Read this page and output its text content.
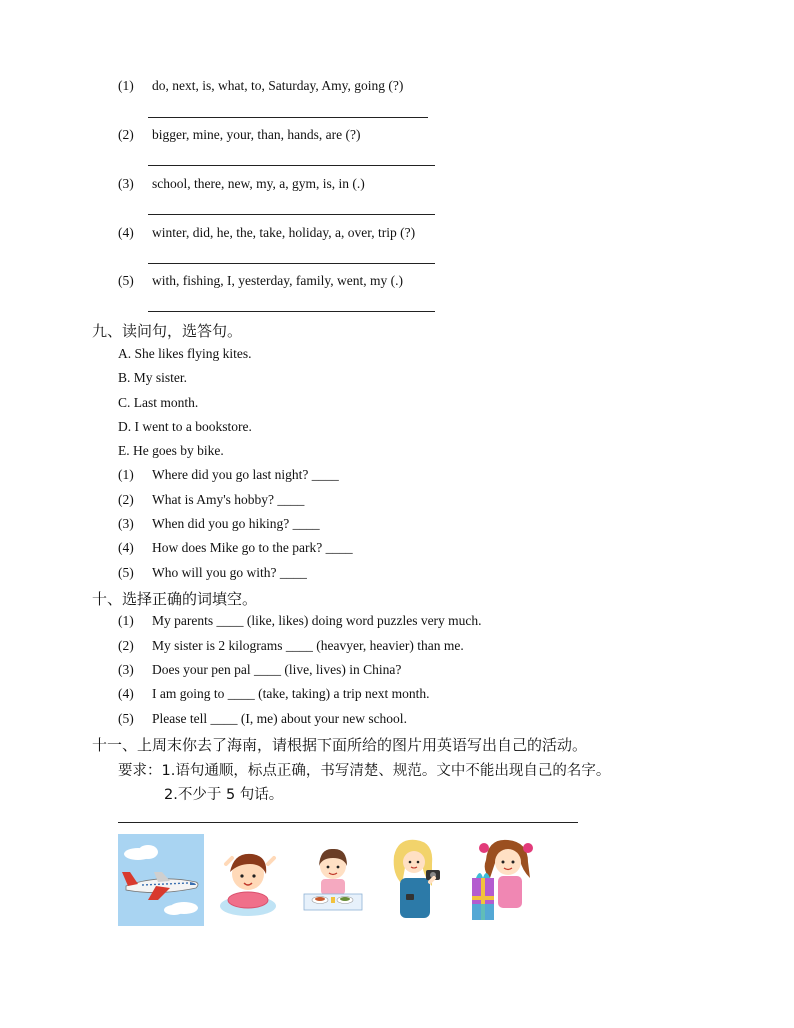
(1) do, next, is, what, to, Saturday, Amy, going (?)
(2) bigger, mine, your, than, hands, are (?)
(3) school, there, new, my, a, gym, is, in (.)
(4) winter, did, he, the, take, holiday, a, over, trip (?)
(5) with, fishing, I, yesterday, family, went, my (.)
九、读问句，选答句。
A. She likes flying kites.
B. My sister.
C. Last month.
D. I went to a bookstore.
E. He goes by bike.
(1) Where did you go last night? ____
(2) What is Amy's hobby? ____
(3) When did you go hiking? ____
(4) How does Mike go to the park? ____
(5) Who will you go with? ____
十、选择正确的词填空。
(1) My parents ____ (like, likes) doing word puzzles very much.
(2) My sister is 2 kilograms ____ (heavyer, heavier) than me.
(3) Does your pen pal ____ (live, lives) in China?
(4) I am going to ____ (take, taking) a trip next month.
(5) Please tell ____ (I, me) about your new school.
十一、上周末你去了海南，请根据下面所给的图片用英语写出自己的活动。
要求：1.语句通顺，标点正确，书写清楚、规范。文中不能出现自己的名字。
2.不少于 5 句话。
